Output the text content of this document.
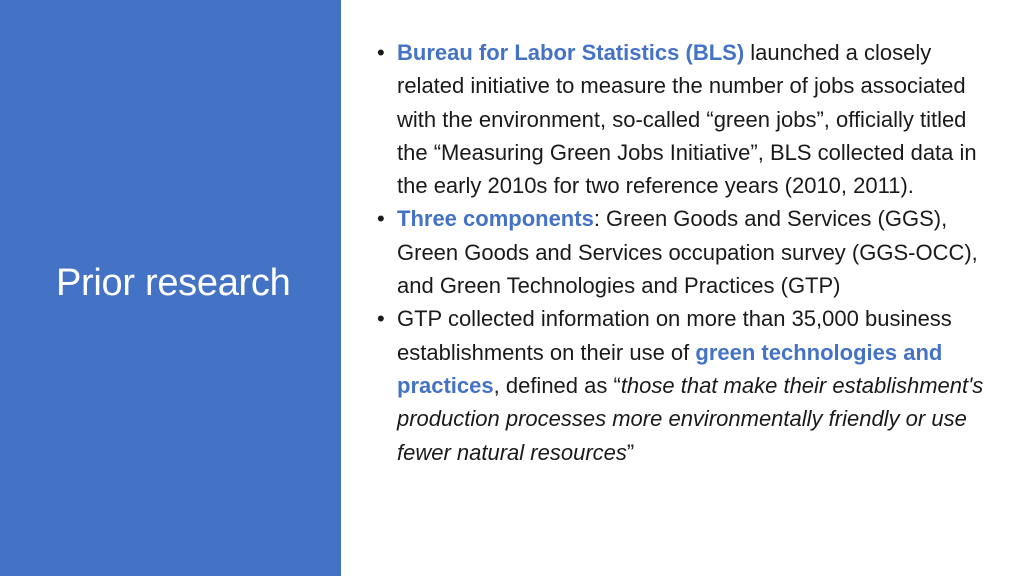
Prior research
• Bureau for Labor Statistics (BLS) launched a closely related initiative to measure the number of jobs associated with the environment, so-called “green jobs”, officially titled the “Measuring Green Jobs Initiative”, BLS collected data in the early 2010s for two reference years (2010, 2011).
• Three components: Green Goods and Services (GGS), Green Goods and Services occupation survey (GGS-OCC), and Green Technologies and Practices (GTP)
• GTP collected information on more than 35,000 business establishments on their use of green technologies and practices, defined as “those that make their establishment's production processes more environmentally friendly or use fewer natural resources”
